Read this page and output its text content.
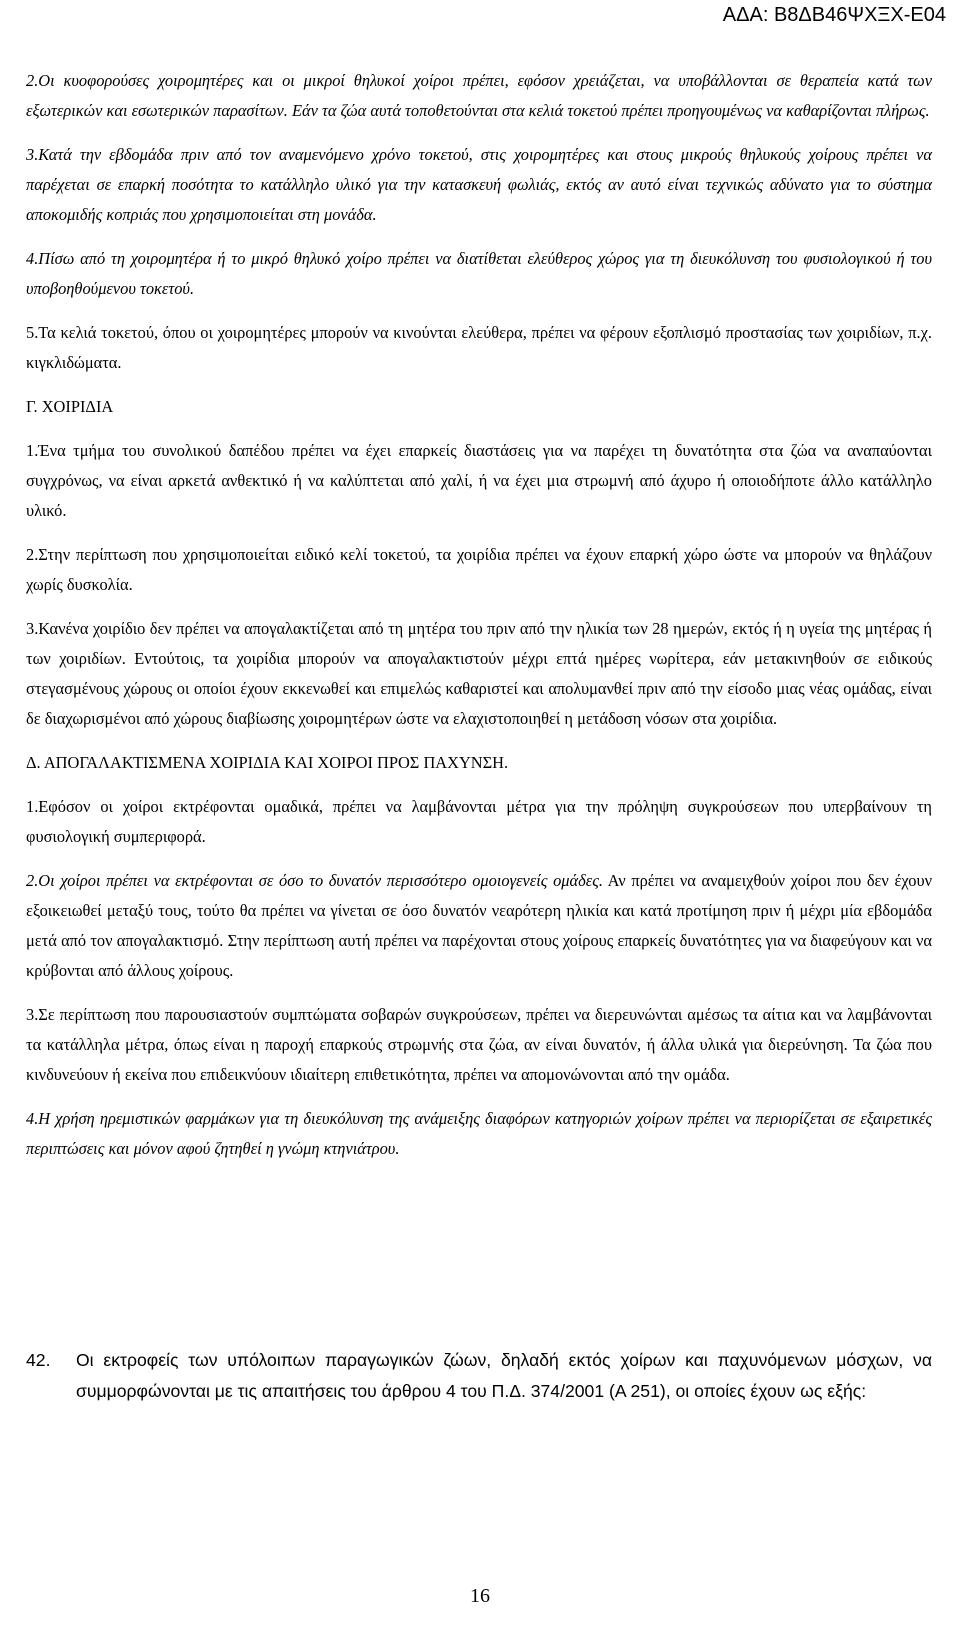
ΑΔΑ: Β8ΔΒ46ΨΧΞΧ-Ε04

2.Οι κυοφορούσες χοιρομητέρες και οι μικροί θηλυκοί χοίροι πρέπει, εφόσον χρειάζεται, να υποβάλλονται σε θεραπεία κατά των εξωτερικών και εσωτερικών παρασίτων. Εάν τα ζώα αυτά τοποθετούνται στα κελιά τοκετού πρέπει προηγουμένως να καθαρίζονται πλήρως.

3.Κατά την εβδομάδα πριν από τον αναμενόμενο χρόνο τοκετού, στις χοιρομητέρες και στους μικρούς θηλυκούς χοίρους πρέπει να παρέχεται σε επαρκή ποσότητα το κατάλληλο υλικό για την κατασκευή φωλιάς, εκτός αν αυτό είναι τεχνικώς αδύνατο για το σύστημα αποκομιδής κοπριάς που χρησιμοποιείται στη μονάδα.

4.Πίσω από τη χοιρομητέρα ή το μικρό θηλυκό χοίρο πρέπει να διατίθεται ελεύθερος χώρος για τη διευκόλυνση του φυσιολογικού ή του υποβοηθούμενου τοκετού.

5.Τα κελιά τοκετού, όπου οι χοιρομητέρες μπορούν να κινούνται ελεύθερα, πρέπει να φέρουν εξοπλισμό προστασίας των χοιριδίων, π.χ. κιγκλιδώματα.

Γ. ΧΟΙΡΙΔΙΑ

1.Ένα τμήμα του συνολικού δαπέδου πρέπει να έχει επαρκείς διαστάσεις για να παρέχει τη δυνατότητα στα ζώα να αναπαύονται συγχρόνως, να είναι αρκετά ανθεκτικό ή να καλύπτεται από χαλί, ή να έχει μια στρωμνή από άχυρο ή οποιοδήποτε άλλο κατάλληλο υλικό.

2.Στην περίπτωση που χρησιμοποιείται ειδικό κελί τοκετού, τα χοιρίδια πρέπει να έχουν επαρκή χώρο ώστε να μπορούν να θηλάζουν χωρίς δυσκολία.

3.Κανένα χοιρίδιο δεν πρέπει να απογαλακτίζεται από τη μητέρα του πριν από την ηλικία των 28 ημερών, εκτός ή η υγεία της μητέρας ή των χοιριδίων. Εντούτοις, τα χοιρίδια μπορούν να απογαλακτιστούν μέχρι επτά ημέρες νωρίτερα, εάν μετακινηθούν σε ειδικούς στεγασμένους χώρους οι οποίοι έχουν εκκενωθεί και επιμελώς καθαριστεί και απολυμανθεί πριν από την είσοδο μιας νέας ομάδας, είναι δε διαχωρισμένοι από χώρους διαβίωσης χοιρομητέρων ώστε να ελαχιστοποιηθεί η μετάδοση νόσων στα χοιρίδια.

Δ. ΑΠΟΓΑΛΑΚΤΙΣΜΕΝΑ ΧΟΙΡΙΔΙΑ ΚΑΙ ΧΟΙΡΟΙ ΠΡΟΣ ΠΑΧΥΝΣΗ.

1.Εφόσον οι χοίροι εκτρέφονται ομαδικά, πρέπει να λαμβάνονται μέτρα για την πρόληψη συγκρούσεων που υπερβαίνουν τη φυσιολογική συμπεριφορά.

2.Οι χοίροι πρέπει να εκτρέφονται σε όσο το δυνατόν περισσότερο ομοιογενείς ομάδες. Αν πρέπει να αναμειχθούν χοίροι που δεν έχουν εξοικειωθεί μεταξύ τους, τούτο θα πρέπει να γίνεται σε όσο δυνατόν νεαρότερη ηλικία και κατά προτίμηση πριν ή μέχρι μία εβδομάδα μετά από τον απογαλακτισμό. Στην περίπτωση αυτή πρέπει να παρέχονται στους χοίρους επαρκείς δυνατότητες για να διαφεύγουν και να κρύβονται από άλλους χοίρους.

3.Σε περίπτωση που παρουσιαστούν συμπτώματα σοβαρών συγκρούσεων, πρέπει να διερευνώνται αμέσως τα αίτια και να λαμβάνονται τα κατάλληλα μέτρα, όπως είναι η παροχή επαρκούς στρωμνής στα ζώα, αν είναι δυνατόν, ή άλλα υλικά για διερεύνηση. Τα ζώα που κινδυνεύουν ή εκείνα που επιδεικνύουν ιδιαίτερη επιθετικότητα, πρέπει να απομονώνονται από την ομάδα.

4.Η χρήση ηρεμιστικών φαρμάκων για τη διευκόλυνση της ανάμειξης διαφόρων κατηγοριών χοίρων πρέπει να περιορίζεται σε εξαιρετικές περιπτώσεις και μόνον αφού ζητηθεί η γνώμη κτηνιάτρου.

42. Οι εκτροφείς των υπόλοιπων παραγωγικών ζώων, δηλαδή εκτός χοίρων και παχυνόμενων μόσχων, να συμμορφώνονται με τις απαιτήσεις του άρθρου 4 του Π.Δ. 374/2001 (Α 251), οι οποίες έχουν ως εξής:
16
